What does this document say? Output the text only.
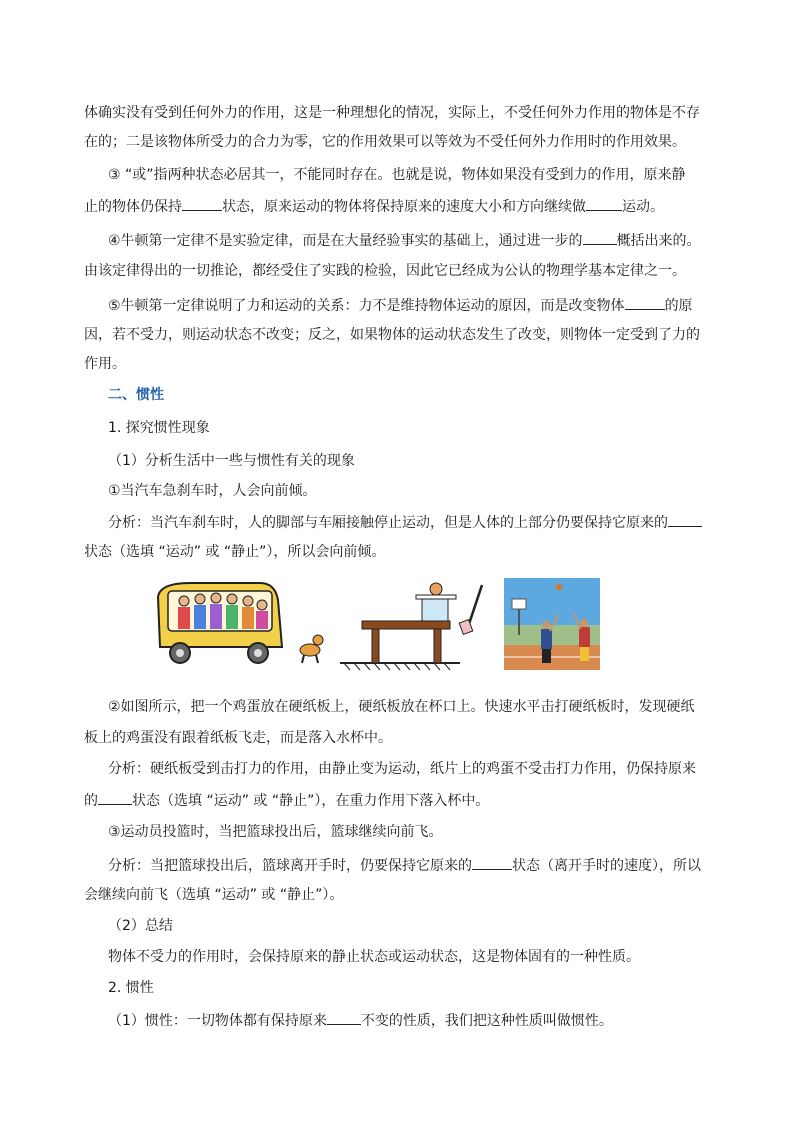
体确实没有受到任何外力的作用，这是一种理想化的情况，实际上，不受任何外力作用的物体是不存
在的；二是该物体所受力的合力为零，它的作用效果可以等效为不受任何外力作用时的作用效果。
③ “或”指两种状态必居其一，不能同时存在。也就是说，物体如果没有受到力的作用，原来静
止的物体仍保持	状态，原来运动的物体将保持原来的速度大小和方向继续做	运动。
④牛顿第一定律不是实验定律，而是在大量经验事实的基础上，通过进一步的 概括出来的。
由该定律得出的一切推论，都经受住了实践的检验，因此它已经成为公认的物理学基本定律之一。
⑤牛顿第一定律说明了力和运动的关系：力不是维持物体运动的原因，而是改变物体	的原
因，若不受力，则运动状态不改变；反之，如果物体的运动状态发生了改变，则物体一定受到了力的
作用。
二、惯性
1. 探究惯性现象
（1）分析生活中一些与惯性有关的现象
①当汽车急刹车时，人会向前倾。
分析：当汽车刹车时，人的脚部与车厢接触停止运动，但是人体的上部分仍要保持它原来的
状态（选填 “运动” 或 “静止”），所以会向前倾。
②如图所示，把一个鸡蛋放在硬纸板上，硬纸板放在杯口上。快速水平击打硬纸板时，发现硬纸
板上的鸡蛋没有跟着纸板飞走，而是落入水杯中。
分析：硬纸板受到击打力的作用，由静止变为运动，纸片上的鸡蛋不受击打力作用，仍保持原来
的 状态（选填 “运动” 或 “静止”），在重力作用下落入杯中。
③运动员投篮时，当把篮球投出后，篮球继续向前飞。
分析：当把篮球投出后，篮球离开手时，仍要保持它原来的	状态（离开手时的速度），所以
会继续向前飞（选填 “运动” 或 “静止”）。
（2）总结
物体不受力的作用时，会保持原来的静止状态或运动状态，这是物体固有的一种性质。
2. 惯性
（1）惯性：一切物体都有保持原来 不变的性质，我们把这种性质叫做惯性。
